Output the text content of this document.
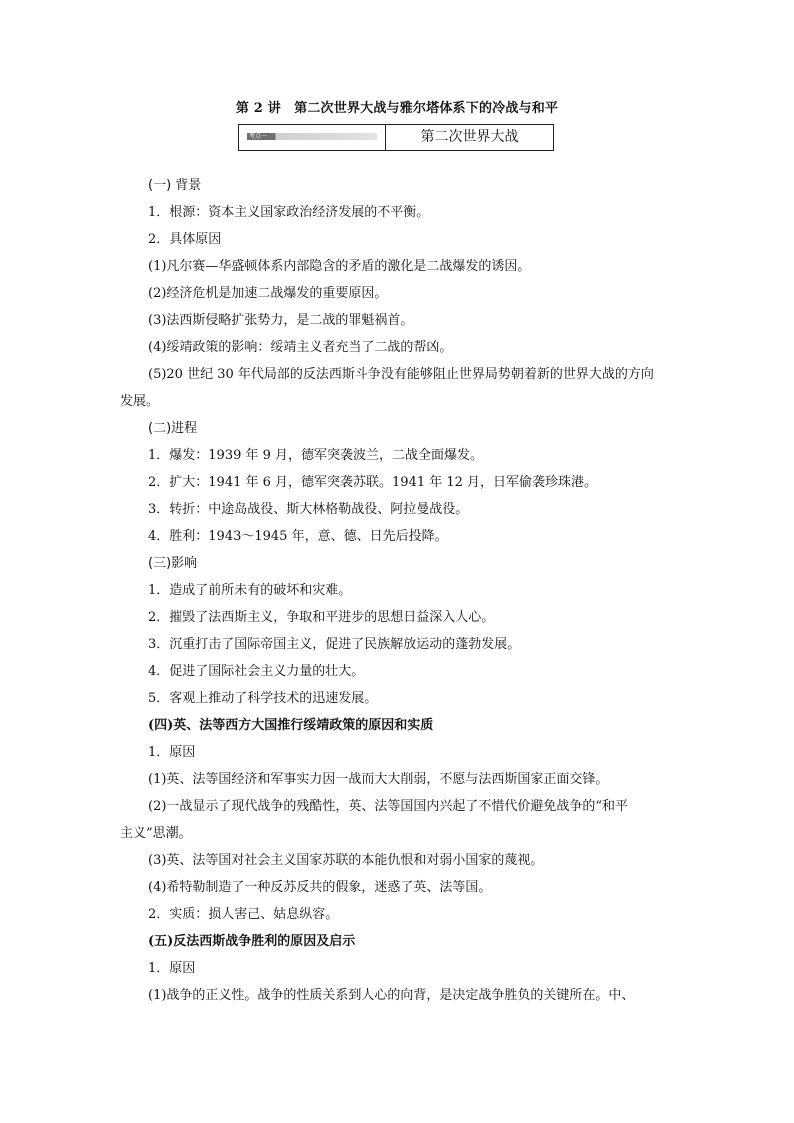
第 2 讲　第二次世界大战与雅尔塔体系下的冷战与和平
考点一	第二次世界大战
(一) 背景
1．根源：资本主义国家政治经济发展的不平衡。
2．具体原因
(1)凡尔赛—华盛顿体系内部隐含的矛盾的激化是二战爆发的诱因。
(2)经济危机是加速二战爆发的重要原因。
(3)法西斯侵略扩张势力，是二战的罪魁祸首。
(4)绥靖政策的影响：绥靖主义者充当了二战的帮凶。
(5)20 世纪 30 年代局部的反法西斯斗争没有能够阻止世界局势朝着新的世界大战的方向
发展。
(二)进程
1．爆发：1939 年 9 月，德军突袭波兰，二战全面爆发。
2．扩大：1941 年 6 月，德军突袭苏联。1941 年 12 月，日军偷袭珍珠港。
3．转折：中途岛战役、斯大林格勒战役、阿拉曼战役。
4．胜利：1943～1945 年，意、德、日先后投降。
(三)影响
1．造成了前所未有的破坏和灾难。
2．摧毁了法西斯主义，争取和平进步的思想日益深入人心。
3．沉重打击了国际帝国主义，促进了民族解放运动的蓬勃发展。
4．促进了国际社会主义力量的壮大。
5．客观上推动了科学技术的迅速发展。
(四)英、法等西方大国推行绥靖政策的原因和实质
1．原因
(1)英、法等国经济和军事实力因一战而大大削弱，不愿与法西斯国家正面交锋。
(2)一战显示了现代战争的残酷性，英、法等国国内兴起了不惜代价避免战争的“和平
主义”思潮。
(3)英、法等国对社会主义国家苏联的本能仇恨和对弱小国家的蔑视。
(4)希特勒制造了一种反苏反共的假象，迷惑了英、法等国。
2．实质：损人害己、姑息纵容。
(五)反法西斯战争胜利的原因及启示
1．原因
(1)战争的正义性。战争的性质关系到人心的向背，是决定战争胜负的关键所在。中、
